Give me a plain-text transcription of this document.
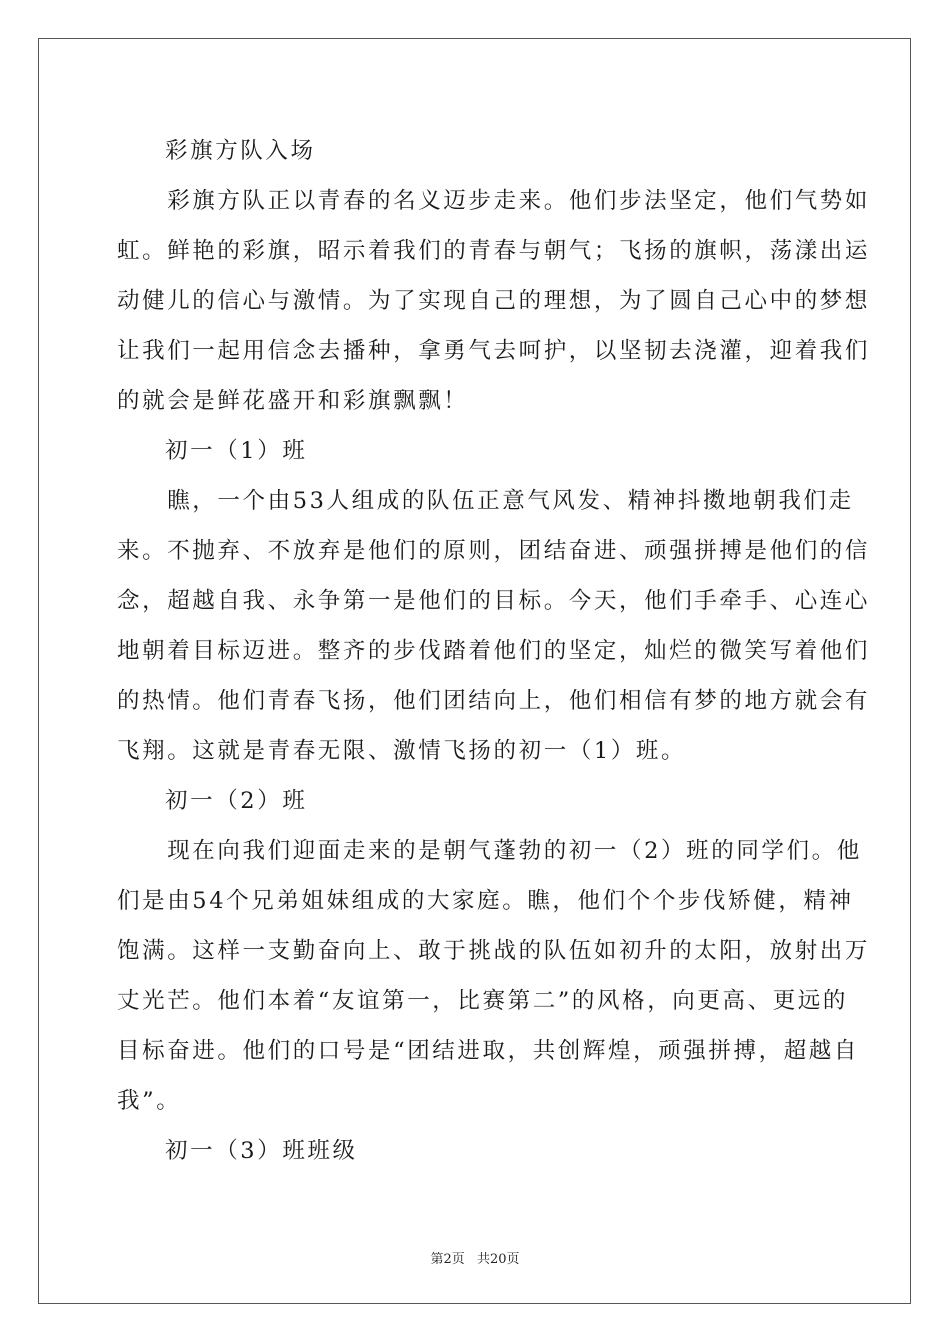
彩旗方队入场
　　彩旗方队正以青春的名义迈步走来。他们步法坚定，他们气势如
虹。鲜艳的彩旗，昭示着我们的青春与朝气；飞扬的旗帜，荡漾出运
动健儿的信心与激情。为了实现自己的理想，为了圆自己心中的梦想
让我们一起用信念去播种，拿勇气去呵护，以坚韧去浇灌，迎着我们
的就会是鲜花盛开和彩旗飘飘！
初一（1）班
　　瞧，一个由53人组成的队伍正意气风发、精神抖擞地朝我们走
来。不抛弃、不放弃是他们的原则，团结奋进、顽强拼搏是他们的信
念，超越自我、永争第一是他们的目标。今天，他们手牵手、心连心
地朝着目标迈进。整齐的步伐踏着他们的坚定，灿烂的微笑写着他们
的热情。他们青春飞扬，他们团结向上，他们相信有梦的地方就会有
飞翔。这就是青春无限、激情飞扬的初一（1）班。
初一（2）班
　　现在向我们迎面走来的是朝气蓬勃的初一（2）班的同学们。他
们是由54个兄弟姐妹组成的大家庭。瞧，他们个个步伐矫健，精神
饱满。这样一支勤奋向上、敢于挑战的队伍如初升的太阳，放射出万
丈光芒。他们本着“友谊第一，比赛第二”的风格，向更高、更远的
目标奋进。他们的口号是“团结进取，共创辉煌，顽强拼搏，超越自
我”。
初一（3）班班级
第2页 共20页
